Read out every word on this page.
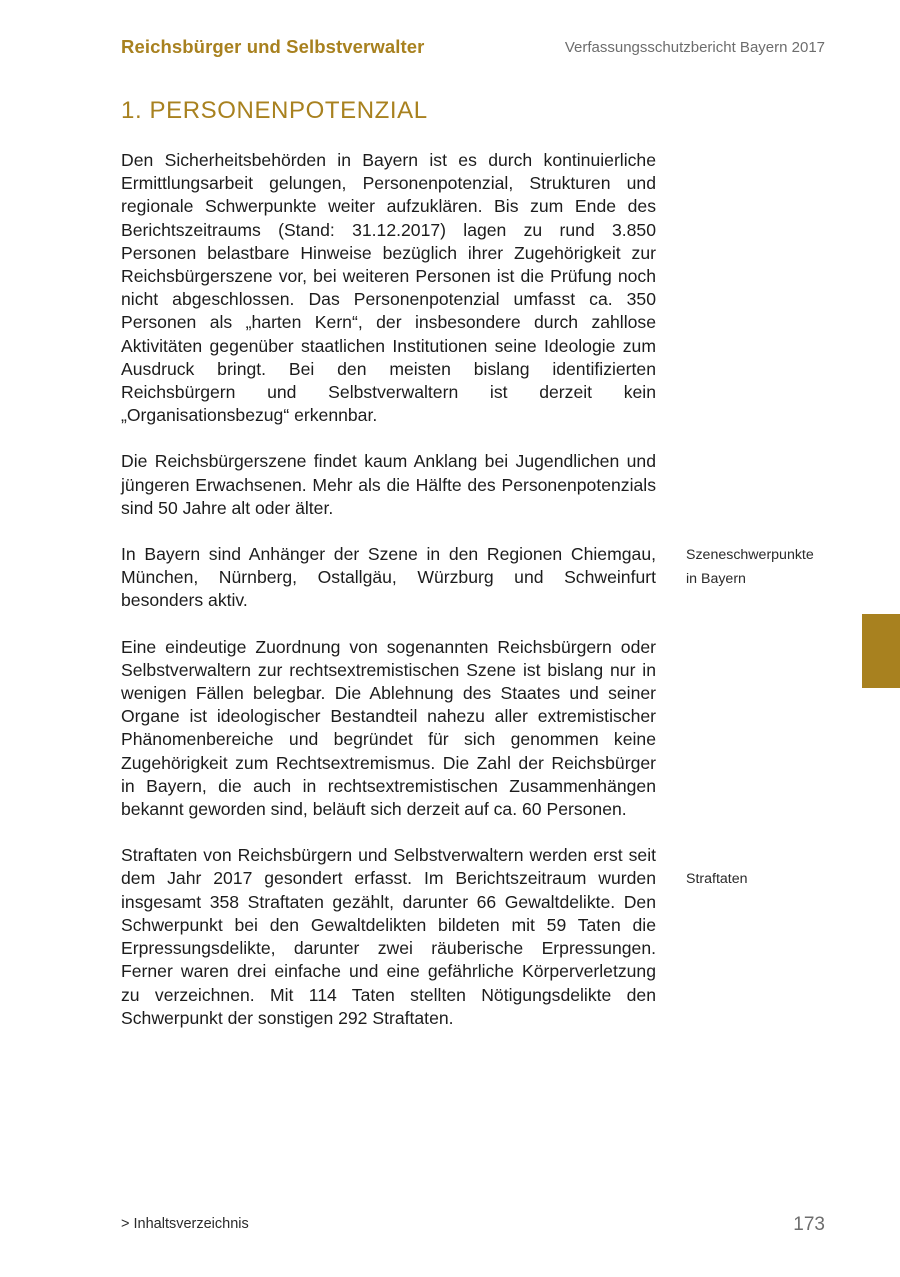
Reichsbürger und Selbstverwalter	Verfassungsschutzbericht Bayern 2017
1. PERSONENPOTENZIAL

Den Sicherheitsbehörden in Bayern ist es durch kontinuierliche Ermittlungsarbeit gelungen, Personenpotenzial, Strukturen und regionale Schwerpunkte weiter aufzuklären. Bis zum Ende des Berichtszeitraums (Stand: 31.12.2017) lagen zu rund 3.850 Personen belastbare Hinweise bezüglich ihrer Zugehörigkeit zur Reichsbürgerszene vor, bei weiteren Personen ist die Prüfung noch nicht abgeschlossen. Das Personenpotenzial umfasst ca. 350 Personen als „harten Kern“, der insbesondere durch zahllose Aktivitäten gegenüber staatlichen Institutionen seine Ideologie zum Ausdruck bringt. Bei den meisten bislang identifizierten Reichsbürgern und Selbstverwaltern ist derzeit kein „Organisationsbezug“ erkennbar.

Die Reichsbürgerszene findet kaum Anklang bei Jugendlichen und jüngeren Erwachsenen. Mehr als die Hälfte des Personenpotenzials sind 50 Jahre alt oder älter.

In Bayern sind Anhänger der Szene in den Regionen Chiemgau, München, Nürnberg, Ostallgäu, Würzburg und Schweinfurt besonders aktiv.

Eine eindeutige Zuordnung von sogenannten Reichsbürgern oder Selbstverwaltern zur rechtsextremistischen Szene ist bislang nur in wenigen Fällen belegbar. Die Ablehnung des Staates und seiner Organe ist ideologischer Bestandteil nahezu aller extremistischer Phänomenbereiche und begründet für sich genommen keine Zugehörigkeit zum Rechtsextremismus. Die Zahl der Reichsbürger in Bayern, die auch in rechtsextremistischen Zusammenhängen bekannt geworden sind, beläuft sich derzeit auf ca. 60 Personen.

Straftaten von Reichsbürgern und Selbstverwaltern werden erst seit dem Jahr 2017 gesondert erfasst. Im Berichtszeitraum wurden insgesamt 358 Straftaten gezählt, darunter 66 Gewaltdelikte. Den Schwerpunkt bei den Gewaltdelikten bildeten mit 59 Taten die Erpressungsdelikte, darunter zwei räuberische Erpressungen. Ferner waren drei einfache und eine gefährliche Körperverletzung zu verzeichnen. Mit 114 Taten stellten Nötigungsdelikte den Schwerpunkt der sonstigen 292 Straftaten.

Szeneschwerpunkte
in Bayern
Straftaten
> Inhaltsverzeichnis	173
